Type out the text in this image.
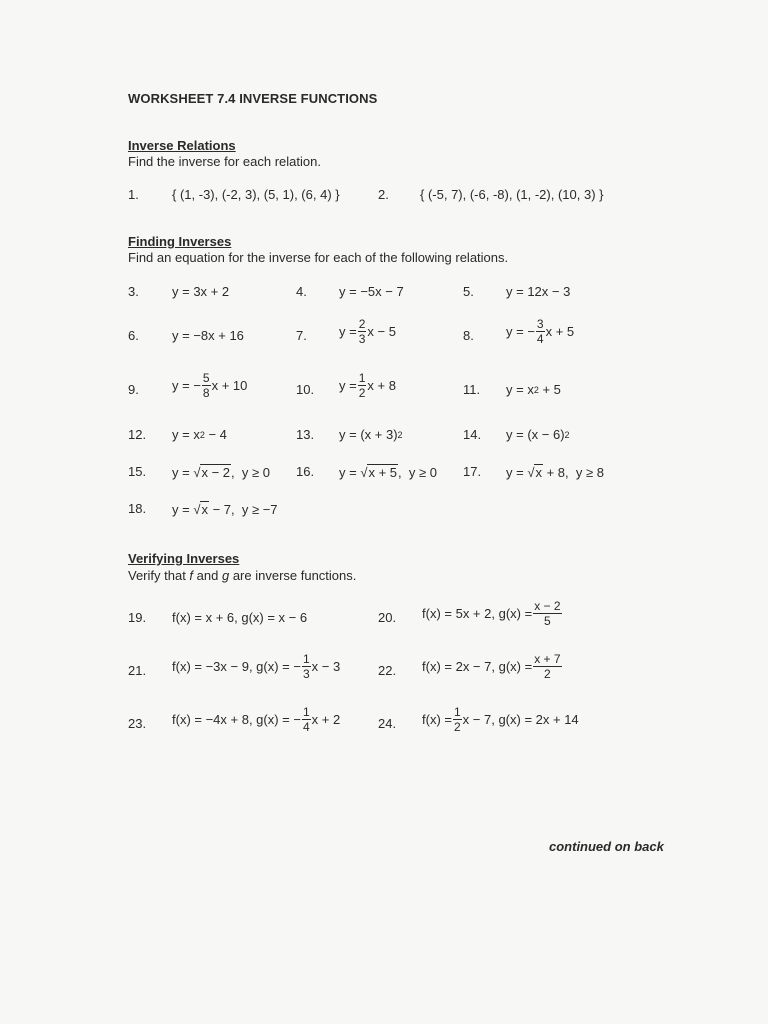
WORKSHEET 7.4 INVERSE FUNCTIONS
Inverse Relations
Find the inverse for each relation.
1.	{ (1, -3), (-2, 3), (5, 1), (6, 4) }	2. { (-5, 7), (-6, -8), (1, -2), (10, 3) }
Finding Inverses
Find an equation for the inverse for each of the following relations.
3.	y = 3x + 2	4. y = −5x − 7	5. y = 12x − 3
6.	y = −8x + 16	7. $y = \frac{2}{3}$ x − 5	8. y = − $\frac{3}{4}$ x + 5
9.	y = − $\frac{5}{8}$ x + 10	10. $y = \frac{1}{2}$ x + 8	11. y = x 2 + 5
12. y = x 2 − 4	13. y = (x + 3) 2	14. y = (x − 6) 2
15. y = √ x − 2 ,  y ≥ 0 16. y = √ x + 5 ,  y ≥ 0 17. y = √ x + 8,  y ≥ 8
18. y = √ x − 7,  y ≥ −7
Verifying Inverses
Verify that f and g are inverse functions.
19. f(x) = x + 6, g(x) = x − 6	20. f(x) = 5x + 2, $g(x) = \frac{x - 2}{5}$
21. f(x) = −3x − 9, g(x) = − $\frac{1}{3}$ x − 3	22. f(x) = 2x − 7, $g(x) = \frac{x + 7}{2}$
23. f(x) = −4x + 8, g(x) = − $\frac{1}{4}$ x + 2	24. $f(x) = \frac{1}{2}$ x − 7, g(x) = 2x + 14
continued on back
